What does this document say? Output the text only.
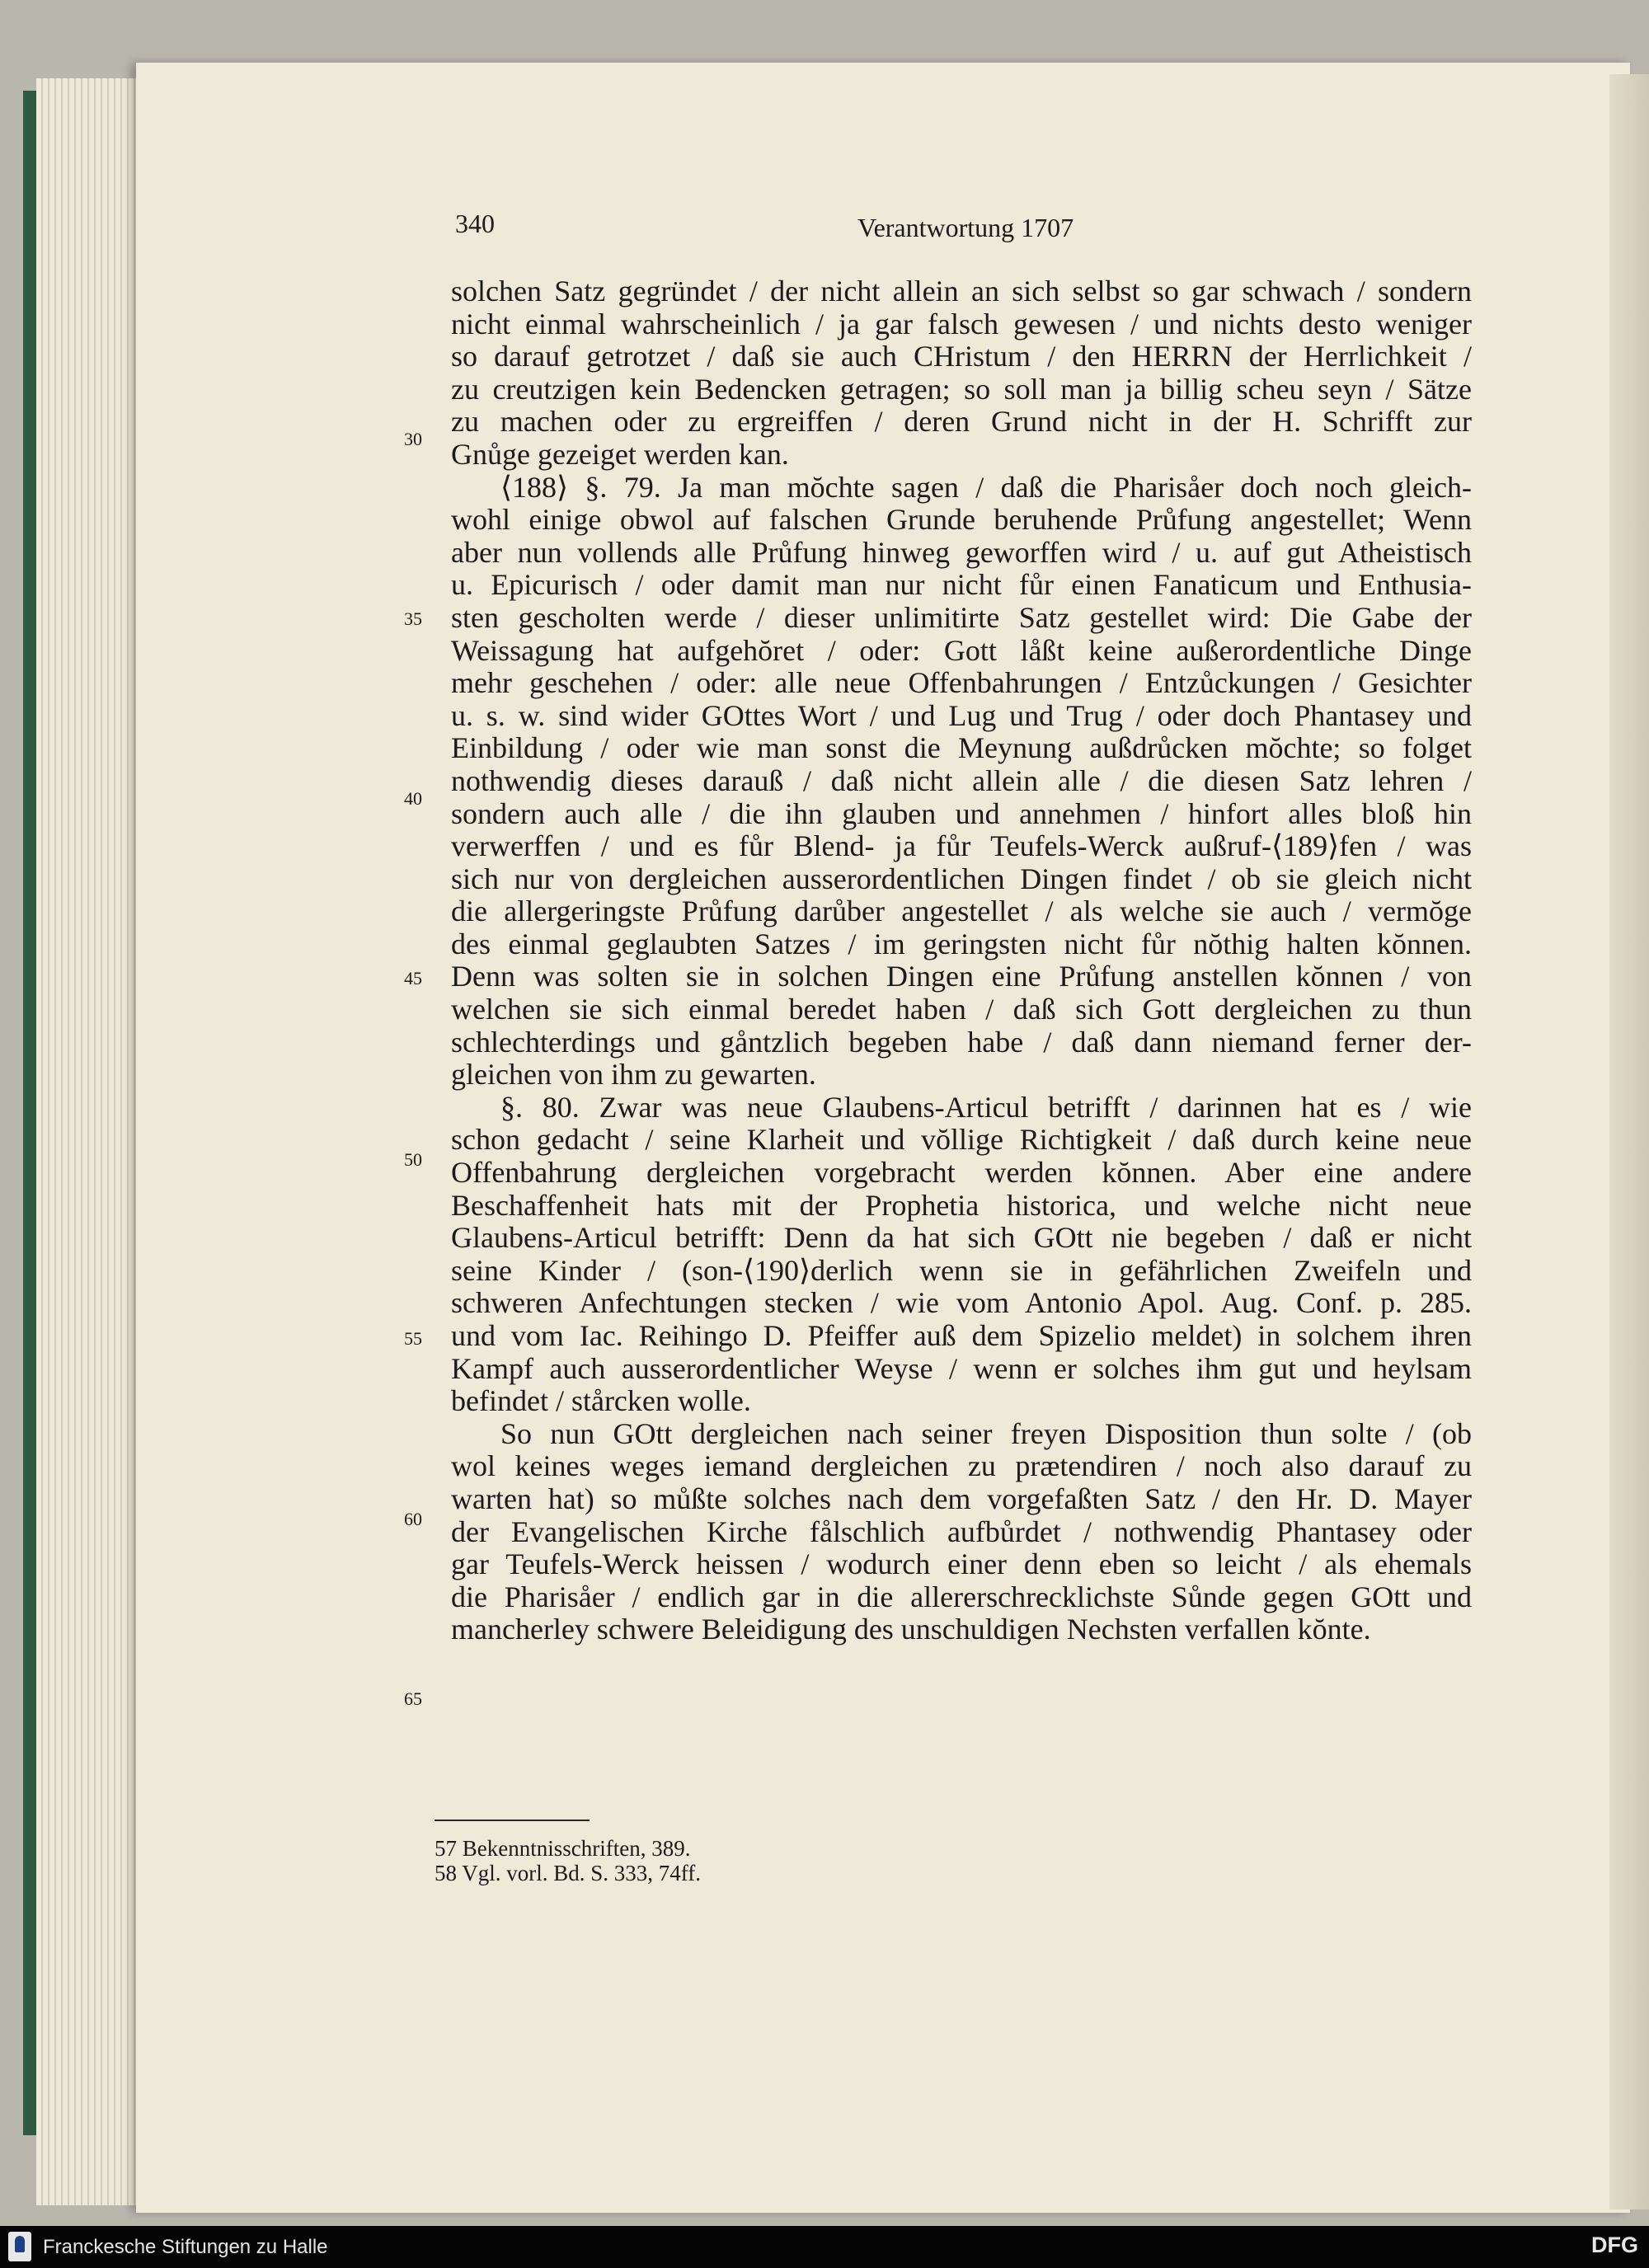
340	Verantwortung 1707
30
35
40
45
50
55
60
65
solchen Satz gegründet / der nicht allein an sich selbst so gar schwach / sondern
nicht einmal wahrscheinlich / ja gar falsch gewesen / und nichts desto weniger
so darauf getrotzet / daß sie auch CHristum / den HERRN der Herrlichkeit /
zu creutzigen kein Bedencken getragen; so soll man ja billig scheu seyn / Sätze
zu machen oder zu ergreiffen / deren Grund nicht in der H. Schrifft zur
Gnůge gezeiget werden kan.
⟨188⟩ §. 79. Ja man mŏchte sagen / daß die Pharisåer doch noch gleich-
wohl einige obwol auf falschen Grunde beruhende Průfung angestellet; Wenn
aber nun vollends alle Průfung hinweg geworffen wird / u. auf gut Atheistisch
u. Epicurisch / oder damit man nur nicht fůr einen Fanaticum und Enthusia-
sten gescholten werde / dieser unlimitirte Satz gestellet wird: Die Gabe der
Weissagung hat aufgehŏret / oder: Gott låßt keine außerordentliche Dinge
mehr geschehen / oder: alle neue Offenbahrungen / Entzůckungen / Gesichter
u. s. w. sind wider GOttes Wort / und Lug und Trug / oder doch Phantasey und
Einbildung / oder wie man sonst die Meynung außdrůcken mŏchte; so folget
nothwendig dieses darauß / daß nicht allein alle / die diesen Satz lehren /
sondern auch alle / die ihn glauben und annehmen / hinfort alles bloß hin
verwerffen / und es fůr Blend- ja fůr Teufels-Werck außruf-⟨189⟩fen / was
sich nur von dergleichen ausserordentlichen Dingen findet / ob sie gleich nicht
die allergeringste Průfung darůber angestellet / als welche sie auch / vermŏge
des einmal geglaubten Satzes / im geringsten nicht fůr nŏthig halten kŏnnen.
Denn was solten sie in solchen Dingen eine Průfung anstellen kŏnnen / von
welchen sie sich einmal beredet haben / daß sich Gott dergleichen zu thun
schlechterdings und gåntzlich begeben habe / daß dann niemand ferner der-
gleichen von ihm zu gewarten.
§. 80. Zwar was neue Glaubens-Articul betrifft / darinnen hat es / wie
schon gedacht / seine Klarheit und vŏllige Richtigkeit / daß durch keine neue
Offenbahrung dergleichen vorgebracht werden kŏnnen. Aber eine andere
Beschaffenheit hats mit der Prophetia historica, und welche nicht neue
Glaubens-Articul betrifft: Denn da hat sich GOtt nie begeben / daß er nicht
seine Kinder / (son-⟨190⟩derlich wenn sie in gefährlichen Zweifeln und
schweren Anfechtungen stecken / wie vom Antonio Apol. Aug. Conf. p. 285.
und vom Iac. Reihingo D. Pfeiffer auß dem Spizelio meldet) in solchem ihren
Kampf auch ausserordentlicher Weyse / wenn er solches ihm gut und heylsam
befindet / stårcken wolle.
So nun GOtt dergleichen nach seiner freyen Disposition thun solte / (ob
wol keines weges iemand dergleichen zu prætendiren / noch also darauf zu
warten hat) so můßte solches nach dem vorgefaßten Satz / den Hr. D. Mayer
der Evangelischen Kirche fålschlich aufbůrdet / nothwendig Phantasey oder
gar Teufels-Werck heissen / wodurch einer denn eben so leicht / als ehemals
die Pharisåer / endlich gar in die allererschrecklichste Sůnde gegen GOtt und
mancherley schwere Beleidigung des unschuldigen Nechsten verfallen kŏnte.
57 Bekenntnisschriften, 389.
58 Vgl. vorl. Bd. S. 333, 74ff.
Franckesche Stiftungen zu Halle	DFG
